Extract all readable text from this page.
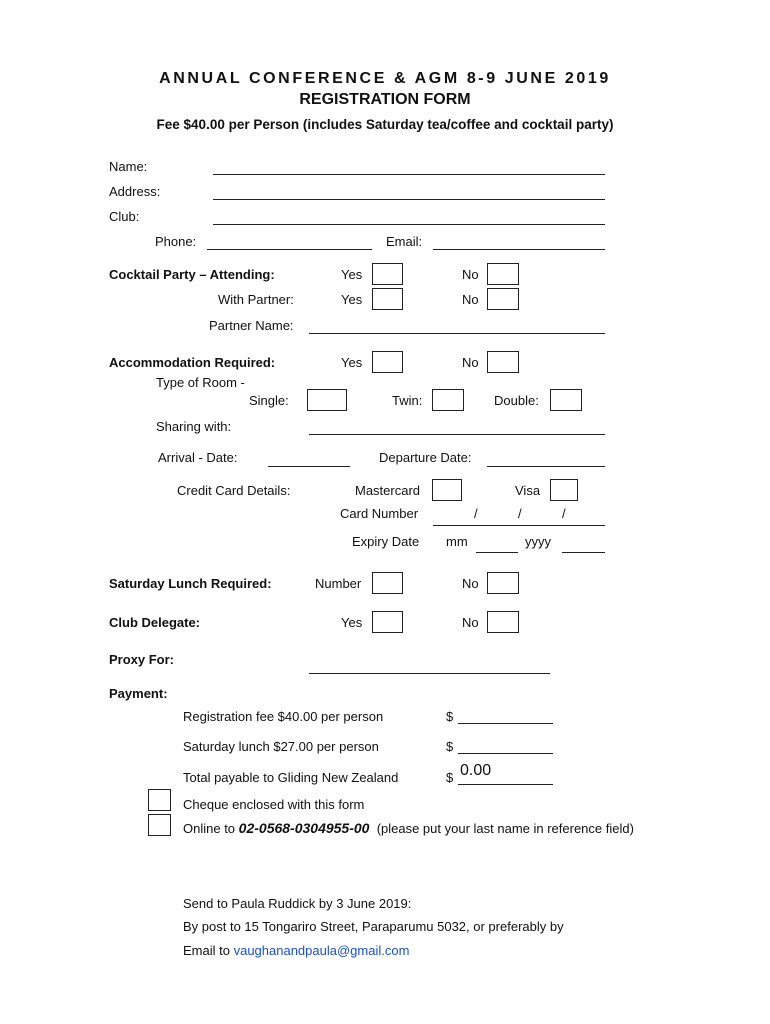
ANNUAL CONFERENCE & AGM 8-9 JUNE 2019
REGISTRATION FORM
Fee $40.00 per Person (includes Saturday tea/coffee and cocktail party)
Name:
Address:
Club:
Phone:	Email:
Cocktail Party – Attending:	Yes	No
With Partner:	Yes	No
Partner Name:
Accommodation Required:	Yes	No
Type of Room -
Single:	Twin:	Double:
Sharing with:
Arrival - Date:	Departure Date:
Credit Card Details:	Mastercard	Visa
Card Number	/	/	/
Expiry Date mm	yyyy
Saturday Lunch Required:	Number	No
Club Delegate:	Yes	No
Proxy For:
Payment:
Registration fee $40.00 per person	$
Saturday lunch $27.00 per person	$
Total payable to Gliding New Zealand	$ 0.00
Cheque enclosed with this form
Online to 02-0568-0304955-00 (please put your last name in reference field)
Send to Paula Ruddick by 3 June 2019:
By post to 15 Tongariro Street, Paraparumu 5032, or preferably by
Email to vaughanandpaula@gmail.com
